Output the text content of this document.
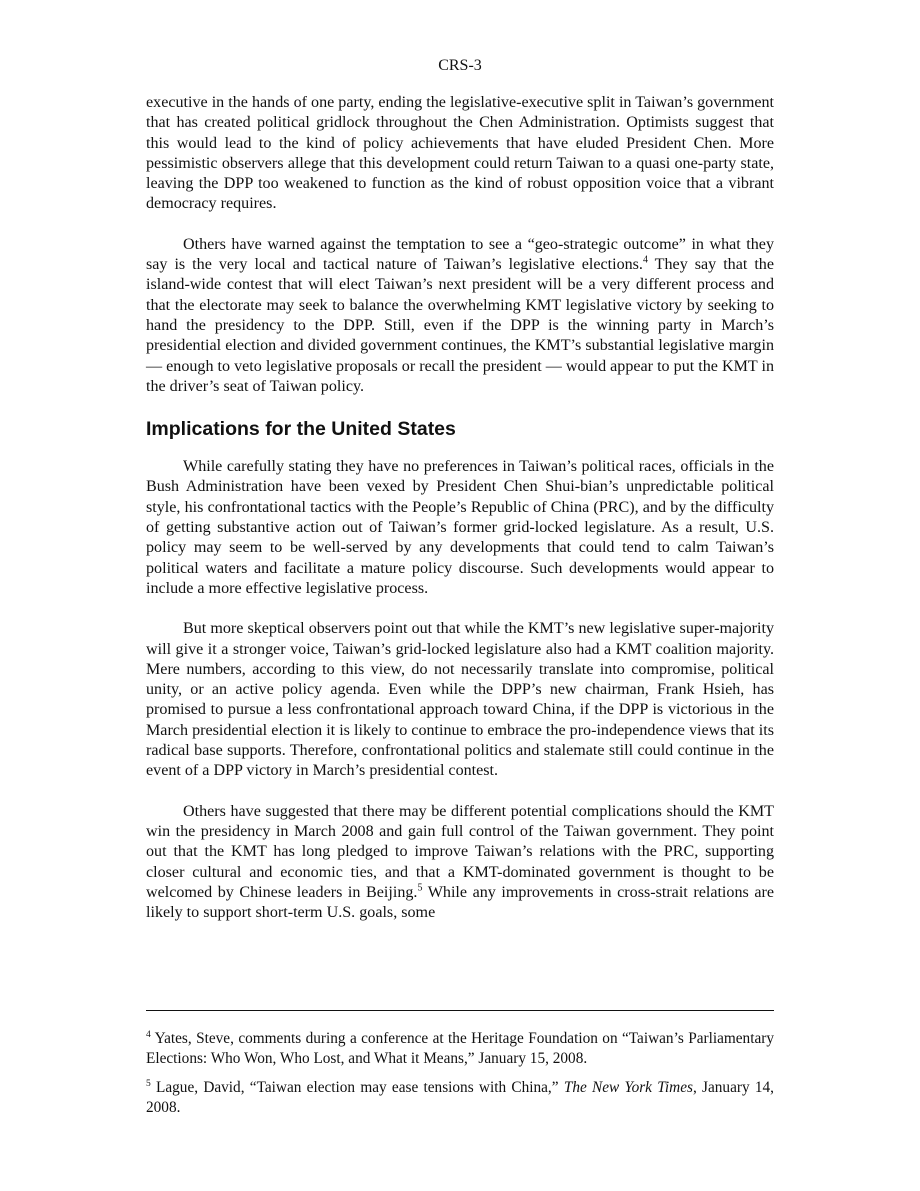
CRS-3

executive in the hands of one party, ending the legislative-executive split in Taiwan’s government that has created political gridlock throughout the Chen Administration. Optimists suggest that this would lead to the kind of policy achievements that have eluded President Chen. More pessimistic observers allege that this development could return Taiwan to a quasi one-party state, leaving the DPP too weakened to function as the kind of robust opposition voice that a vibrant democracy requires.

Others have warned against the temptation to see a “geo-strategic outcome” in what they say is the very local and tactical nature of Taiwan’s legislative elections.$^4$ They say that the island-wide contest that will elect Taiwan’s next president will be a very different process and that the electorate may seek to balance the overwhelming KMT legislative victory by seeking to hand the presidency to the DPP. Still, even if the DPP is the winning party in March’s presidential election and divided government continues, the KMT’s substantial legislative margin — enough to veto legislative proposals or recall the president — would appear to put the KMT in the driver’s seat of Taiwan policy.

Implications for the United States

While carefully stating they have no preferences in Taiwan’s political races, officials in the Bush Administration have been vexed by President Chen Shui-bian’s unpredictable political style, his confrontational tactics with the People’s Republic of China (PRC), and by the difficulty of getting substantive action out of Taiwan’s former grid-locked legislature. As a result, U.S. policy may seem to be well-served by any developments that could tend to calm Taiwan’s political waters and facilitate a mature policy discourse. Such developments would appear to include a more effective legislative process.

But more skeptical observers point out that while the KMT’s new legislative super-majority will give it a stronger voice, Taiwan’s grid-locked legislature also had a KMT coalition majority. Mere numbers, according to this view, do not necessarily translate into compromise, political unity, or an active policy agenda. Even while the DPP’s new chairman, Frank Hsieh, has promised to pursue a less confrontational approach toward China, if the DPP is victorious in the March presidential election it is likely to continue to embrace the pro-independence views that its radical base supports. Therefore, confrontational politics and stalemate still could continue in the event of a DPP victory in March’s presidential contest.

Others have suggested that there may be different potential complications should the KMT win the presidency in March 2008 and gain full control of the Taiwan government. They point out that the KMT has long pledged to improve Taiwan’s relations with the PRC, supporting closer cultural and economic ties, and that a KMT-dominated government is thought to be welcomed by Chinese leaders in Beijing.$^5$ While any improvements in cross-strait relations are likely to support short-term U.S. goals, some

$^4$ Yates, Steve, comments during a conference at the Heritage Foundation on “Taiwan’s Parliamentary Elections: Who Won, Who Lost, and What it Means,” January 15, 2008.

$^5$ Lague, David, “Taiwan election may ease tensions with China,” The New York Times, January 14, 2008.
